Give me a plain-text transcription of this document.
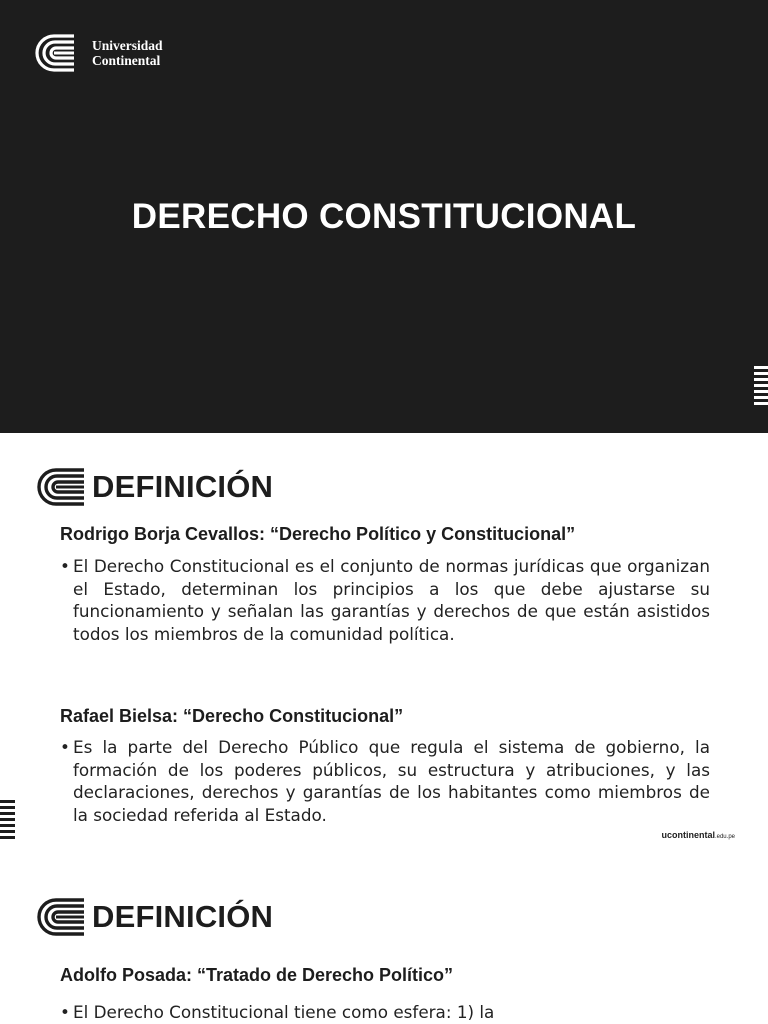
Universidad
Continental
DERECHO CONSTITUCIONAL
DEFINICIÓN
Rodrigo Borja Cevallos: “Derecho Político y Constitucional”
• El Derecho Constitucional es el conjunto de normas jurídicas que organizan el Estado, determinan los principios a los que debe ajustarse su funcionamiento y señalan las garantías y derechos de que están asistidos todos los miembros de la comunidad política.
Rafael Bielsa: “Derecho Constitucional”
• Es la parte del Derecho Público que regula el sistema de gobierno, la formación de los poderes públicos, su estructura y atribuciones, y las declaraciones, derechos y garantías de los habitantes como miembros de la sociedad referida al Estado.
ucontinental.edu.pe
DEFINICIÓN
Adolfo Posada: “Tratado de Derecho Político”
• El Derecho Constitucional tiene como esfera: 1) la
